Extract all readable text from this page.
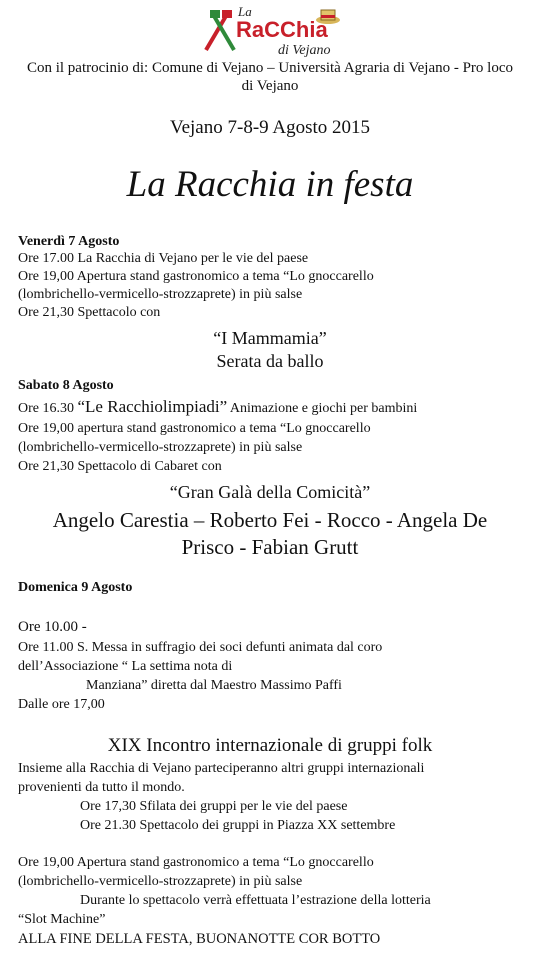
La
RaCChia
di Vejano
Con il patrocinio di: Comune di Vejano – Università Agraria di Vejano - Pro loco di Vejano
Vejano 7-8-9 Agosto 2015
La Racchia in festa
Venerdì 7 Agosto
Ore 17.00 La Racchia di Vejano per le vie del paese
Ore 19,00 Apertura stand gastronomico a tema “Lo gnoccarello
(lombrichello-vermicello-strozzaprete) in più salse
Ore 21,30 Spettacolo con
“I Mammamia”
Serata da ballo
Sabato 8 Agosto
Ore 16.30 “Le Racchiolimpiadi” Animazione e giochi per bambini
Ore 19,00 apertura stand gastronomico a tema “Lo gnoccarello
(lombrichello-vermicello-strozzaprete) in più salse
Ore 21,30 Spettacolo di Cabaret con
“Gran Galà della Comicità”
Angelo Carestia – Roberto Fei - Rocco - Angela De
Prisco - Fabian Grutt
Domenica 9 Agosto
Ore 10.00 -
Ore 11.00 S. Messa in suffragio dei soci defunti animata dal coro
dell’Associazione “ La settima nota di
Manziana” diretta dal Maestro Massimo Paffi
Dalle ore 17,00
XIX Incontro internazionale di gruppi folk
Insieme alla Racchia di Vejano parteciperanno altri gruppi internazionali
provenienti da tutto il mondo.
Ore 17,30 Sfilata dei gruppi per le vie del paese
Ore 21.30 Spettacolo dei gruppi in Piazza XX settembre
Ore 19,00 Apertura stand gastronomico a tema “Lo gnoccarello
(lombrichello-vermicello-strozzaprete) in più salse
Durante lo spettacolo verrà effettuata l’estrazione della lotteria
“Slot Machine”
ALLA FINE DELLA FESTA, BUONANOTTE COR BOTTO
